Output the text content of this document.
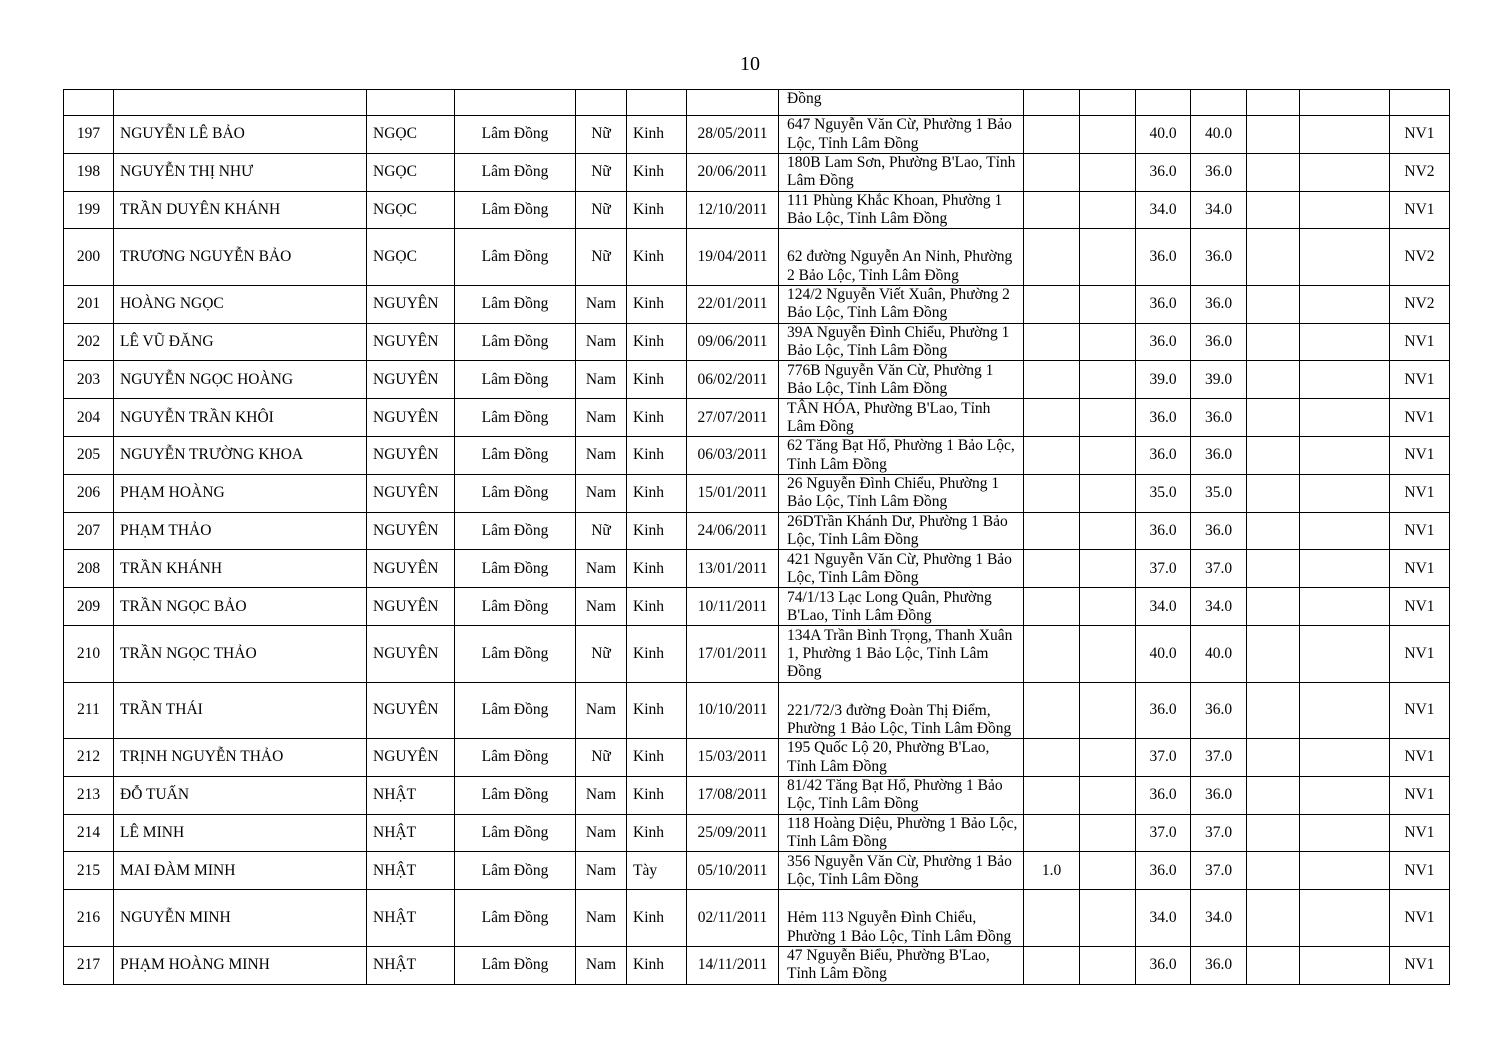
10
							Đồng							
197	NGUYỄN LÊ BẢO	NGỌC	Lâm Đồng	Nữ	Kinh	28/05/2011	647 Nguyễn Văn Cừ, Phường 1 Bảo Lộc, Tỉnh Lâm Đồng			40.0	40.0			NV1
198	NGUYỄN THỊ NHƯ	NGỌC	Lâm Đồng	Nữ	Kinh	20/06/2011	180B Lam Sơn, Phường B'Lao, Tỉnh Lâm Đồng			36.0	36.0			NV2
199	TRẦN DUYÊN KHÁNH	NGỌC	Lâm Đồng	Nữ	Kinh	12/10/2011	111 Phùng Khắc Khoan, Phường 1 Bảo Lộc, Tỉnh Lâm Đồng			34.0	34.0			NV1
200	TRƯƠNG NGUYỄN BẢO	NGỌC	Lâm Đồng	Nữ	Kinh	19/04/2011	62 đường Nguyễn An Ninh, Phường 2 Bảo Lộc, Tỉnh Lâm Đồng			36.0	36.0			NV2
201	HOÀNG NGỌC	NGUYÊN	Lâm Đồng	Nam	Kinh	22/01/2011	124/2 Nguyễn Viết Xuân, Phường 2 Bảo Lộc, Tỉnh Lâm Đồng			36.0	36.0			NV2
202	LÊ VŨ ĐĂNG	NGUYÊN	Lâm Đồng	Nam	Kinh	09/06/2011	39A Nguyễn Đình Chiểu, Phường 1 Bảo Lộc, Tỉnh Lâm Đồng			36.0	36.0			NV1
203	NGUYỄN NGỌC HOÀNG	NGUYÊN	Lâm Đồng	Nam	Kinh	06/02/2011	776B Nguyễn Văn Cừ, Phường 1 Bảo Lộc, Tỉnh Lâm Đồng			39.0	39.0			NV1
204	NGUYỄN TRẦN KHÔI	NGUYÊN	Lâm Đồng	Nam	Kinh	27/07/2011	TÂN HÓA, Phường B'Lao, Tỉnh Lâm Đồng			36.0	36.0			NV1
205	NGUYỄN TRƯỜNG KHOA	NGUYÊN	Lâm Đồng	Nam	Kinh	06/03/2011	62 Tăng Bạt Hổ, Phường 1 Bảo Lộc, Tỉnh Lâm Đồng			36.0	36.0			NV1
206	PHẠM HOÀNG	NGUYÊN	Lâm Đồng	Nam	Kinh	15/01/2011	26 Nguyễn Đình Chiểu, Phường 1 Bảo Lộc, Tỉnh Lâm Đồng			35.0	35.0			NV1
207	PHẠM THẢO	NGUYÊN	Lâm Đồng	Nữ	Kinh	24/06/2011	26DTrần Khánh Dư, Phường 1 Bảo Lộc, Tỉnh Lâm Đồng			36.0	36.0			NV1
208	TRẦN KHÁNH	NGUYÊN	Lâm Đồng	Nam	Kinh	13/01/2011	421 Nguyễn Văn Cừ, Phường 1 Bảo Lộc, Tỉnh Lâm Đồng			37.0	37.0			NV1
209	TRẦN NGỌC BẢO	NGUYÊN	Lâm Đồng	Nam	Kinh	10/11/2011	74/1/13 Lạc Long Quân, Phường B'Lao, Tỉnh Lâm Đồng			34.0	34.0			NV1
210	TRẦN NGỌC THẢO	NGUYÊN	Lâm Đồng	Nữ	Kinh	17/01/2011	134A Trần Bình Trọng, Thanh Xuân 1, Phường 1 Bảo Lộc, Tỉnh Lâm Đồng			40.0	40.0			NV1
211	TRẦN THÁI	NGUYÊN	Lâm Đồng	Nam	Kinh	10/10/2011	221/72/3 đường Đoàn Thị Điểm, Phường 1 Bảo Lộc, Tỉnh Lâm Đồng			36.0	36.0			NV1
212	TRỊNH NGUYỄN THẢO	NGUYÊN	Lâm Đồng	Nữ	Kinh	15/03/2011	195 Quốc Lộ 20, Phường B'Lao, Tỉnh Lâm Đồng			37.0	37.0			NV1
213	ĐỖ TUẤN	NHẬT	Lâm Đồng	Nam	Kinh	17/08/2011	81/42 Tăng Bạt Hổ, Phường 1 Bảo Lộc, Tỉnh Lâm Đồng			36.0	36.0			NV1
214	LÊ MINH	NHẬT	Lâm Đồng	Nam	Kinh	25/09/2011	118 Hoàng Diệu, Phường 1 Bảo Lộc, Tỉnh Lâm Đồng			37.0	37.0			NV1
215	MAI ĐÀM MINH	NHẬT	Lâm Đồng	Nam	Tày	05/10/2011	356 Nguyễn Văn Cừ, Phường 1 Bảo Lộc, Tỉnh Lâm Đồng	1.0		36.0	37.0			NV1
216	NGUYỄN MINH	NHẬT	Lâm Đồng	Nam	Kinh	02/11/2011	Hẻm 113 Nguyễn Đình Chiểu, Phường 1 Bảo Lộc, Tỉnh Lâm Đồng			34.0	34.0			NV1
217	PHẠM HOÀNG MINH	NHẬT	Lâm Đồng	Nam	Kinh	14/11/2011	47 Nguyễn Biểu, Phường B'Lao, Tỉnh Lâm Đồng			36.0	36.0			NV1
